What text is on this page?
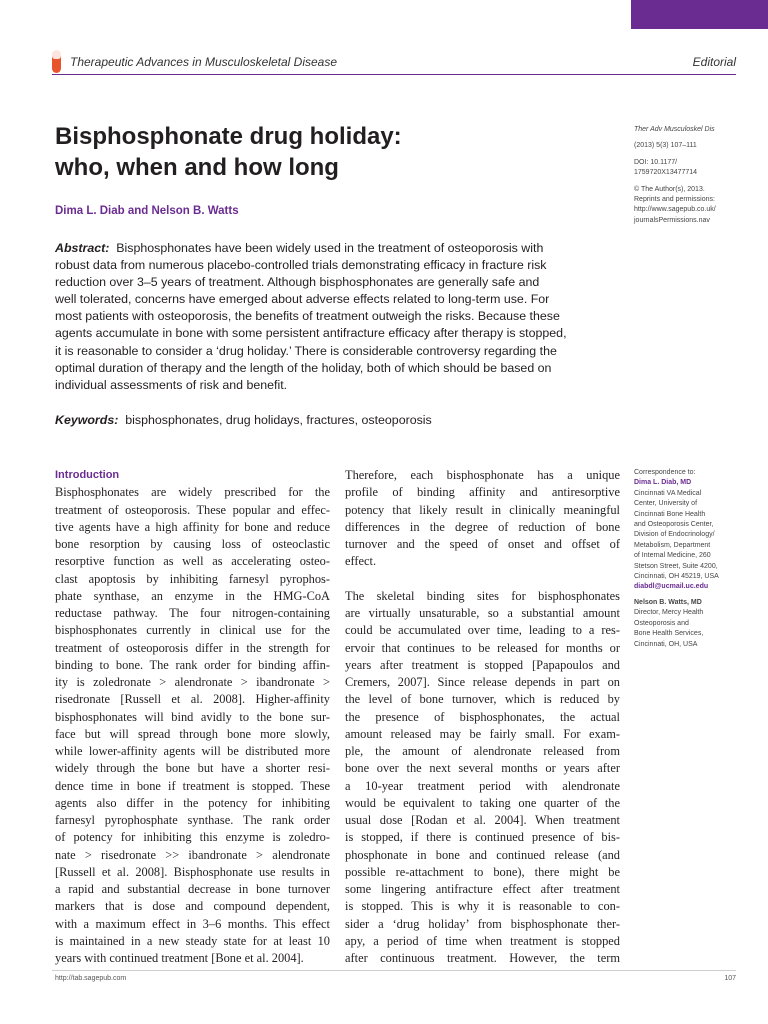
Therapeutic Advances in Musculoskeletal Disease	Editorial
Bisphosphonate drug holiday:
who, when and how long
Dima L. Diab and Nelson B. Watts
Abstract: Bisphosphonates have been widely used in the treatment of osteoporosis with
robust data from numerous placebo-controlled trials demonstrating efficacy in fracture risk
reduction over 3–5 years of treatment. Although bisphosphonates are generally safe and
well tolerated, concerns have emerged about adverse effects related to long-term use. For
most patients with osteoporosis, the benefits of treatment outweigh the risks. Because these
agents accumulate in bone with some persistent antifracture efficacy after therapy is stopped,
it is reasonable to consider a ‘drug holiday.’ There is considerable controversy regarding the
optimal duration of therapy and the length of the holiday, both of which should be based on
individual assessments of risk and benefit.
Keywords: bisphosphonates, drug holidays, fractures, osteoporosis
Ther Adv Musculoskel Dis
(2013) 5(3) 107–111
DOI: 10.1177/
1759720X13477714
© The Author(s), 2013.
Reprints and permissions:
http://www.sagepub.co.uk/
journalsPermissions.nav
Correspondence to:
Dima L. Diab, MD
Cincinnati VA Medical
Center, University of
Cincinnati Bone Health
and Osteoporosis Center,
Division of Endocrinology/
Metabolism, Department
of Internal Medicine, 260
Stetson Street, Suite 4200,
Cincinnati, OH 45219, USA
diabdl@ucmail.uc.edu
Nelson B. Watts, MD
Director, Mercy Health
Osteoporosis and
Bone Health Services,
Cincinnati, OH, USA
Introduction
Bisphosphonates are widely prescribed for the
treatment of osteoporosis. These popular and effec-
tive agents have a high affinity for bone and reduce
bone resorption by causing loss of osteoclastic
resorptive function as well as accelerating osteo-
clast apoptosis by inhibiting farnesyl pyrophos-
phate synthase, an enzyme in the HMG-CoA
reductase pathway. The four nitrogen-containing
bisphosphonates currently in clinical use for the
treatment of osteoporosis differ in the strength for
binding to bone. The rank order for binding affin-
ity is zoledronate > alendronate > ibandronate >
risedronate [Russell et al. 2008]. Higher-affinity
bisphosphonates will bind avidly to the bone sur-
face but will spread through bone more slowly,
while lower-affinity agents will be distributed more
widely through the bone but have a shorter resi-
dence time in bone if treatment is stopped. These
agents also differ in the potency for inhibiting
farnesyl pyrophosphate synthase. The rank order
of potency for inhibiting this enzyme is zoledro-
nate > risedronate >> ibandronate > alendronate
[Russell et al. 2008]. Bisphosphonate use results in
a rapid and substantial decrease in bone turnover
markers that is dose and compound dependent,
with a maximum effect in 3–6 months. This effect
is maintained in a new steady state for at least 10
years with continued treatment [Bone et al. 2004].
Therefore, each bisphosphonate has a unique
profile of binding affinity and antiresorptive
potency that likely result in clinically meaningful
differences in the degree of reduction of bone
turnover and the speed of onset and offset of
effect.
The skeletal binding sites for bisphosphonates
are virtually unsaturable, so a substantial amount
could be accumulated over time, leading to a res-
ervoir that continues to be released for months or
years after treatment is stopped [Papapoulos and
Cremers, 2007]. Since release depends in part on
the level of bone turnover, which is reduced by
the presence of bisphosphonates, the actual
amount released may be fairly small. For exam-
ple, the amount of alendronate released from
bone over the next several months or years after
a 10-year treatment period with alendronate
would be equivalent to taking one quarter of the
usual dose [Rodan et al. 2004]. When treatment
is stopped, if there is continued presence of bis-
phosphonate in bone and continued release (and
possible re-attachment to bone), there might be
some lingering antifracture effect after treatment
is stopped. This is why it is reasonable to con-
sider a ‘drug holiday’ from bisphosphonate ther-
apy, a period of time when treatment is stopped
after continuous treatment. However, the term
http://tab.sagepub.com	107
